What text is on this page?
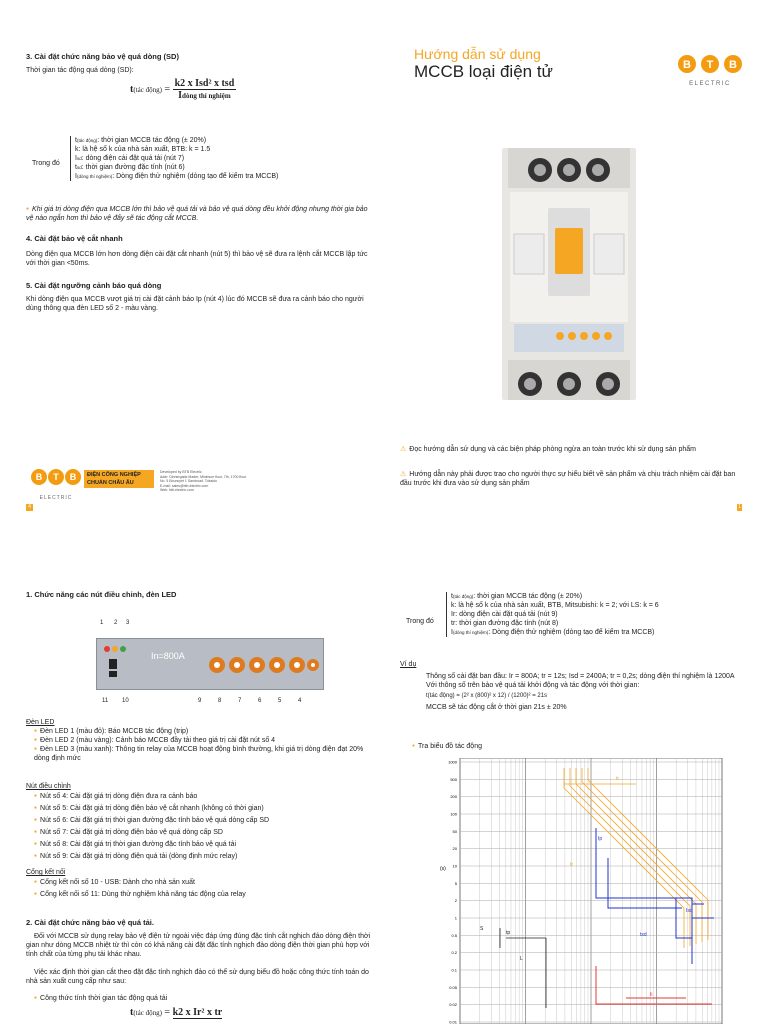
3. Cài đặt chức năng bảo vệ quá dòng (SD)
Thời gian tác động quá dòng (SD):
t(tác động) = $\frac{\text{k2 x Isd² x tsd}}{\text{Idòng thí nghiệm}}$
Trong đó
t(tác động): thời gian MCCB tác động (± 20%)
k: là hệ số k của nhà sản xuất, BTB: k = 1.5
Isd: dòng điện cài đặt quá tải (nút 7)
tsd: thời gian đường đặc tính (nút 6)
I(dòng thí nghiệm): Dòng điện thử nghiệm (dòng tạo để kiểm tra MCCB)
● Khi giá trị dòng điện qua MCCB lớn thì bảo vệ quá tải và bảo vệ quá dòng đều khởi động nhưng thời gia bảo vệ nào ngắn hơn thì bảo vệ đấy sẽ tác động cắt MCCB.
4. Cài đặt bảo vệ cắt nhanh
Dòng điện qua MCCB lớn hơn dòng điện cài đặt cắt nhanh (nút 5) thì bảo vệ sẽ đưa ra lệnh cắt MCCB lập tức với thời gian <50ms.
5. Cài đặt ngưỡng cảnh báo quá dòng
Khi dòng điện qua MCCB vượt giá trị cài đặt cảnh báo Ip (nút 4) lúc đó MCCB sẽ đưa ra cảnh báo cho người dùng thông qua đèn LED số 2 - màu vàng.
B T B
ELECTRIC
ĐIỆN CÔNG NGHIỆP
CHUẨN CHÂU ÂU
Developed by BTB Electric
Addr: Dinnergade Mader, Minimum floor, 7th, 1700 floor
No. 5 Bouncyet 1 Sandroad. Tokaido
E-mail: sales@btb-electric.com
Web: btb-electric.com
4
Hướng dẫn sử dụng
MCCB loại điện tử	B T B
ELECTRIC
⚠ Đọc hướng dẫn sử dụng và các biện pháp phòng ngừa an toàn trước khi sử dụng sản phẩm
⚠ Hướng dẫn này phải được trao cho người thực sự hiểu biết về sản phẩm và chịu trách nhiệm cài đặt ban đầu trước khi đưa vào sử dụng sản phẩm
1
1. Chức năng các nút điều chỉnh, đèn LED
In=800A
1 2 3
11 10	9	8	7	6	5	4
Đèn LED
● Đèn LED 1 (màu đỏ): Báo MCCB tác động (trip)
● Đèn LED 2 (màu vàng): Cảnh báo MCCB đầy tải theo giá trị cài đặt nút số 4
● Đèn LED 3 (màu xanh): Thông tin relay của MCCB hoạt động bình thường, khi giá trị dòng điện đạt 20% dòng định mức
Nút điều chỉnh
● Nút số 4: Cài đặt giá trị dòng điện đưa ra cảnh báo
● Nút số 5: Cài đặt giá trị dòng điện bảo vệ cắt nhanh (không có thời gian)
● Nút số 6: Cài đặt giá trị thời gian đường đặc tính bảo vệ quá dòng cấp SD
● Nút số 7: Cài đặt giá trị dòng điện bảo vệ quá dòng cấp SD
● Nút số 8: Cài đặt giá trị thời gian đường đặc tính bảo vệ quá tải
● Nút số 9: Cài đặt giá trị dòng điện quá tải (dòng định mức relay)
Cổng kết nối
● Cổng kết nối số 10 - USB: Dành cho nhà sản xuất
● Cổng kết nối số 11: Dùng thử nghiệm khả năng tác động của relay
2. Cài đặt chức năng bảo vệ quá tải.
Đối với MCCB sử dụng relay bảo vệ điện tử ngoài việc đáp ứng đúng đặc tính cắt nghịch đảo dòng điện thời gian như dòng MCCB nhiệt từ thì còn có khả năng cài đặt đặc tính nghịch đảo dòng điện thời gian phù hợp với tính chất của từng phụ tải khác nhau.
Việc xác định thời gian cắt theo đặt đặc tính nghịch đảo có thể sử dụng biểu đồ hoặc công thức tính toán do nhà sản xuất cung cấp như sau:
● Công thức tính thời gian tác động quá tải
t(tác động) = k2 x Ir² x tr
Trong đó
t(tác động): thời gian MCCB tác động (± 20%)
k: là hệ số k của nhà sản xuất, BTB, Mitsubishi: k = 2; với LS: k = 6
Ir: dòng điện cài đặt quá tải (nút 9)
tr: thời gian đường đặc tính (nút 8)
I(dòng thí nghiệm): Dòng điện thử nghiệm (dòng tạo để kiểm tra MCCB)
Ví dụ
Thông số cài đặt ban đầu: Ir = 800A; tr = 12s; Isd = 2400A; tr = 0,2s; dòng điện thí nghiệm là 1200A
Với thông số trên bảo vệ quá tải khởi động và tác động với thời gian:
t(tác động) = (2² x (800)² x 12) / (1200)² = 21s
MCCB sẽ tác động cắt ở thời gian 21s ± 20%
● Tra biểu đồ tác động
1000
500
200
100
50
20
10
5
2
1
0.5
0.2
0.1
0.05
0.02
0.01
(s)
tr
Ir
tsd
Isd
Ip
tp
Ii
S
L
